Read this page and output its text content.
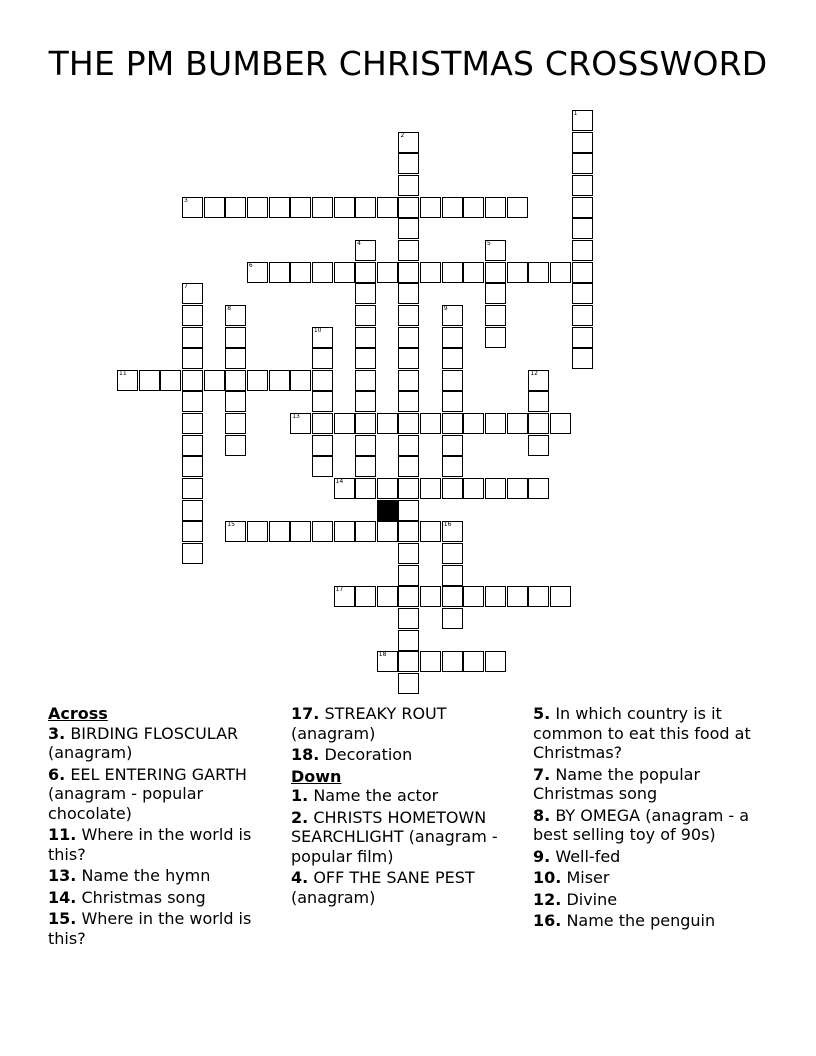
THE PM BUMBER CHRISTMAS CROSSWORD
1
2
3
4	5
6
7
8	9
10
11	12
13
14
15	16
17
18

Across

3. BIRDING FLOSCULAR (anagram)

6. EEL ENTERING GARTH (anagram - popular chocolate)

11. Where in the world is this?

13. Name the hymn

14. Christmas song

15. Where in the world is this?

17. STREAKY ROUT (anagram)

18. Decoration

Down

1. Name the actor

2. CHRISTS HOMETOWN SEARCHLIGHT (anagram - popular film)

4. OFF THE SANE PEST (anagram)

5. In which country is it common to eat this food at Christmas?

7. Name the popular Christmas song

8. BY OMEGA (anagram - a best selling toy of 90s)

9. Well-fed

10. Miser

12. Divine

16. Name the penguin
